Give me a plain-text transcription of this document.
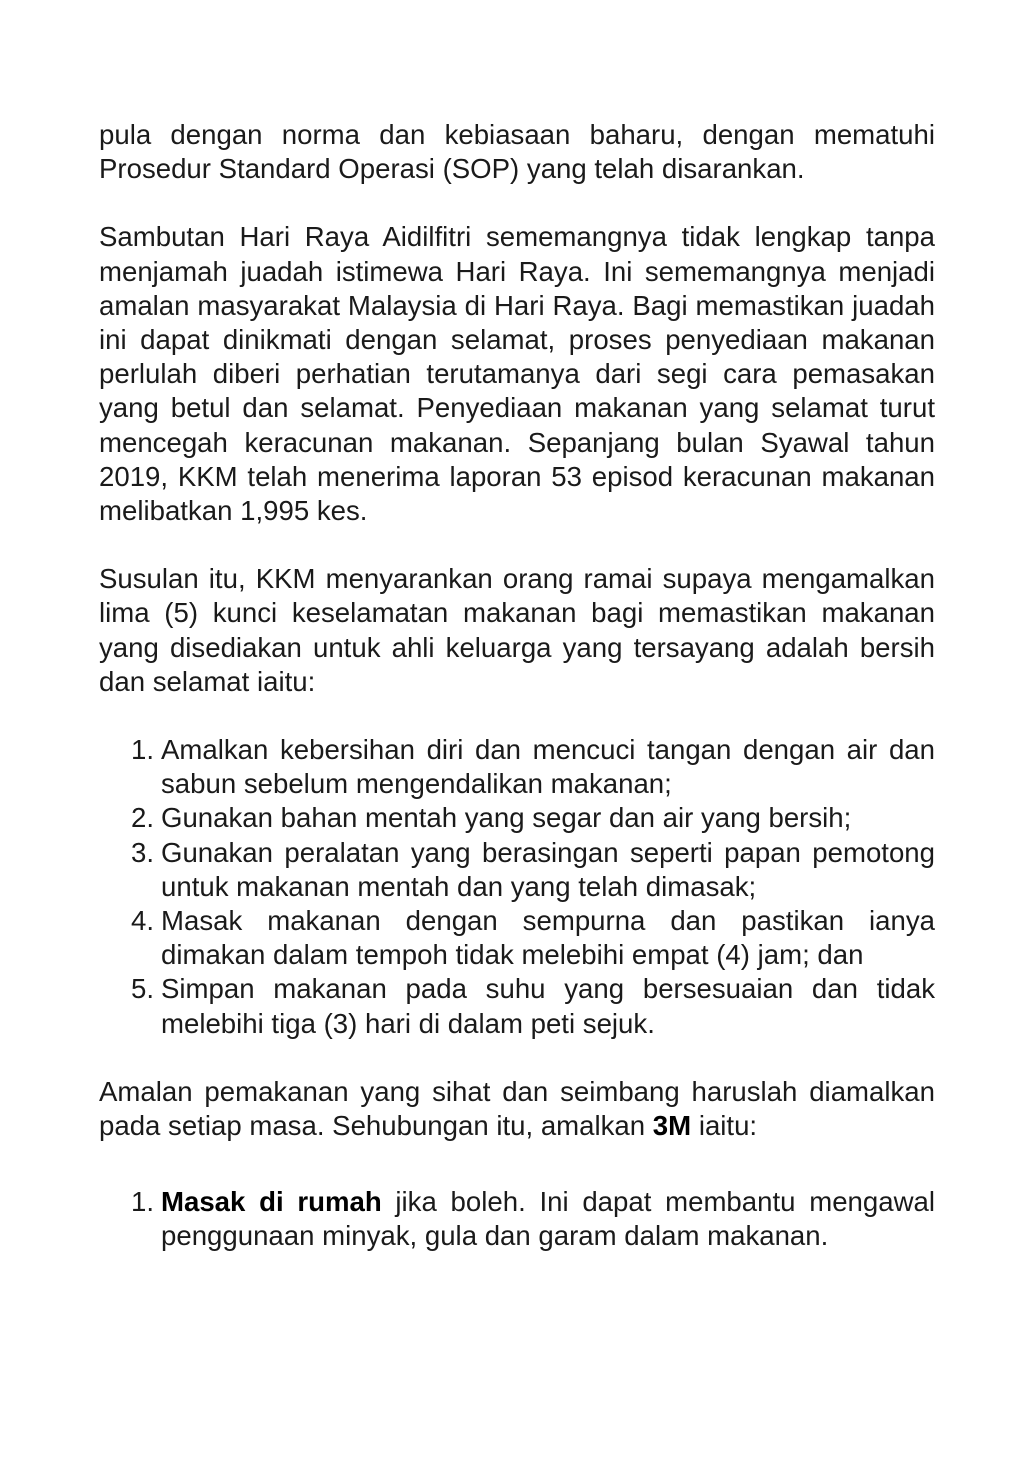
pula dengan norma dan kebiasaan baharu, dengan mematuhi Prosedur Standard Operasi (SOP) yang telah disarankan.

Sambutan Hari Raya Aidilfitri sememangnya tidak lengkap tanpa menjamah juadah istimewa Hari Raya. Ini sememangnya menjadi amalan masyarakat Malaysia di Hari Raya. Bagi memastikan juadah ini dapat dinikmati dengan selamat, proses penyediaan makanan perlulah diberi perhatian terutamanya dari segi cara pemasakan yang betul dan selamat. Penyediaan makanan yang selamat turut mencegah keracunan makanan. Sepanjang bulan Syawal tahun 2019, KKM telah menerima laporan 53 episod keracunan makanan melibatkan 1,995 kes.

Susulan itu, KKM menyarankan orang ramai supaya mengamalkan lima (5) kunci keselamatan makanan bagi memastikan makanan yang disediakan untuk ahli keluarga yang tersayang adalah bersih dan selamat iaitu:

1. Amalkan kebersihan diri dan mencuci tangan dengan air dan sabun sebelum mengendalikan makanan;
2. Gunakan bahan mentah yang segar dan air yang bersih;
3. Gunakan peralatan yang berasingan seperti papan pemotong untuk makanan mentah dan yang telah dimasak;
4. Masak makanan dengan sempurna dan pastikan ianya dimakan dalam tempoh tidak melebihi empat (4) jam; dan
5. Simpan makanan pada suhu yang bersesuaian dan tidak melebihi tiga (3) hari di dalam peti sejuk.

Amalan pemakanan yang sihat dan seimbang haruslah diamalkan pada setiap masa. Sehubungan itu, amalkan 3M iaitu:

1. Masak di rumah jika boleh. Ini dapat membantu mengawal penggunaan minyak, gula dan garam dalam makanan.
